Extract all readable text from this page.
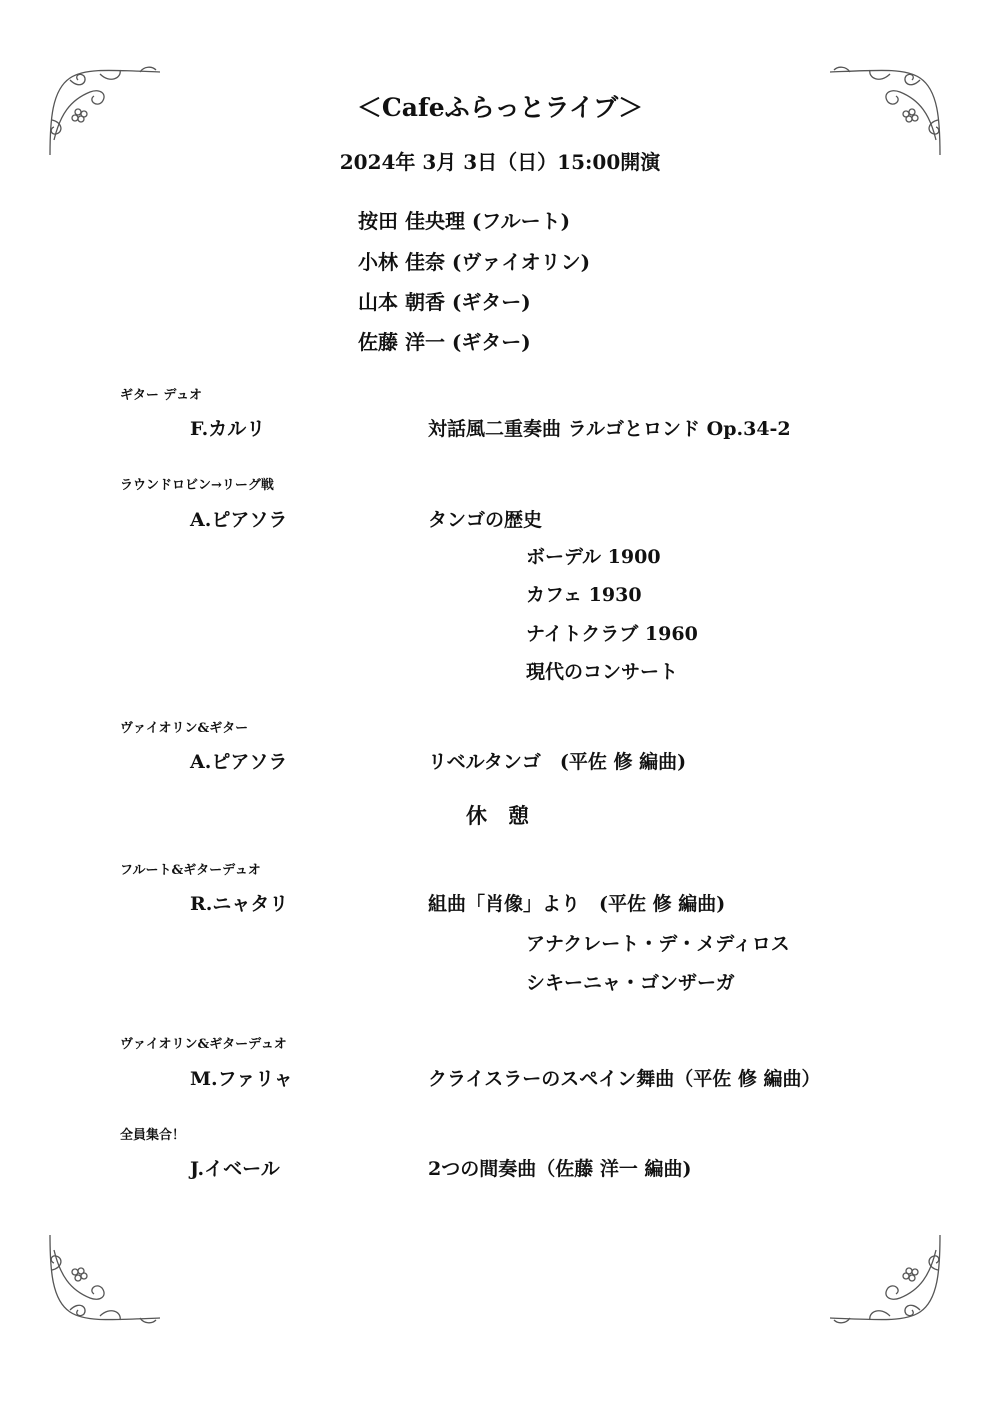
＜Cafeふらっとライブ＞
2024年 3月 3日（日）15:00開演
按田 佳央理 (フルート)
小林 佳奈 (ヴァイオリン)
山本 朝香 (ギター)
佐藤 洋一 (ギター)
ギター デュオ
F.カルリ	対話風二重奏曲 ラルゴとロンド Op.34-2
ラウンドロビン→リーグ戦
A.ピアソラ	タンゴの歴史
ボーデル 1900
カフェ 1930
ナイトクラブ 1960
現代のコンサート
ヴァイオリン&ギター
A.ピアソラ	リベルタンゴ　(平佐 修 編曲)
休　憩
フルート&ギターデュオ
R.ニャタリ	組曲「肖像」より　(平佐 修 編曲)
アナクレート・デ・メディロス
シキーニャ・ゴンザーガ
ヴァイオリン&ギターデュオ
M.ファリャ	クライスラーのスペイン舞曲（平佐 修 編曲）
全員集合！
J.イベール	2つの間奏曲（佐藤 洋一 編曲)
